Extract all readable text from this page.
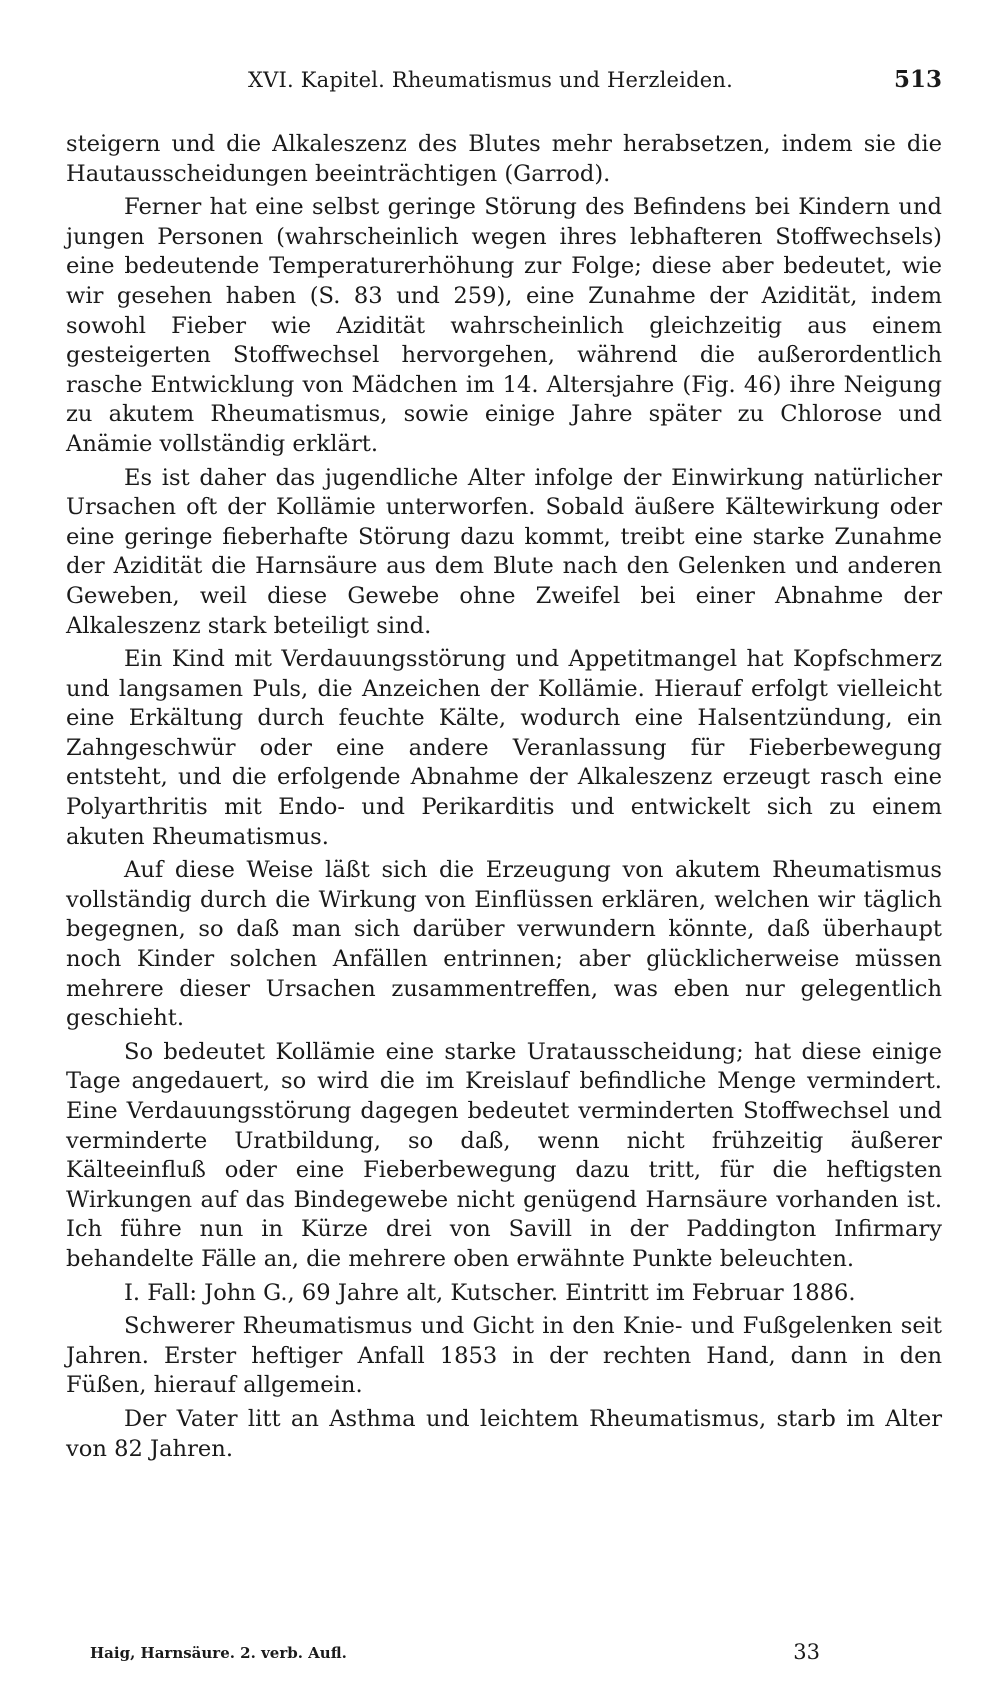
XVI. Kapitel. Rheumatismus und Herzleiden.	513

steigern und die Alkaleszenz des Blutes mehr herabsetzen, indem sie die Hautausscheidungen beeinträchtigen (Garrod).

Ferner hat eine selbst geringe Störung des Befindens bei Kindern und jungen Personen (wahrscheinlich wegen ihres lebhafteren Stoffwechsels) eine bedeutende Temperaturerhöhung zur Folge; diese aber bedeutet, wie wir gesehen haben (S. 83 und 259), eine Zunahme der Azidität, indem sowohl Fieber wie Azidität wahrscheinlich gleichzeitig aus einem gesteigerten Stoffwechsel hervorgehen, während die außerordentlich rasche Entwicklung von Mädchen im 14. Altersjahre (Fig. 46) ihre Neigung zu akutem Rheumatismus, sowie einige Jahre später zu Chlorose und Anämie vollständig erklärt.

Es ist daher das jugendliche Alter infolge der Einwirkung natürlicher Ursachen oft der Kollämie unterworfen. Sobald äußere Kältewirkung oder eine geringe fieberhafte Störung dazu kommt, treibt eine starke Zunahme der Azidität die Harnsäure aus dem Blute nach den Gelenken und anderen Geweben, weil diese Gewebe ohne Zweifel bei einer Abnahme der Alkaleszenz stark beteiligt sind.

Ein Kind mit Verdauungsstörung und Appetitmangel hat Kopfschmerz und langsamen Puls, die Anzeichen der Kollämie. Hierauf erfolgt vielleicht eine Erkältung durch feuchte Kälte, wodurch eine Halsentzündung, ein Zahngeschwür oder eine andere Veranlassung für Fieberbewegung entsteht, und die erfolgende Abnahme der Alkaleszenz erzeugt rasch eine Polyarthritis mit Endo- und Perikarditis und entwickelt sich zu einem akuten Rheumatismus.

Auf diese Weise läßt sich die Erzeugung von akutem Rheumatismus vollständig durch die Wirkung von Einflüssen erklären, welchen wir täglich begegnen, so daß man sich darüber verwundern könnte, daß überhaupt noch Kinder solchen Anfällen entrinnen; aber glücklicherweise müssen mehrere dieser Ursachen zusammentreffen, was eben nur gelegentlich geschieht.

So bedeutet Kollämie eine starke Uratausscheidung; hat diese einige Tage angedauert, so wird die im Kreislauf befindliche Menge vermindert. Eine Verdauungsstörung dagegen bedeutet verminderten Stoffwechsel und verminderte Uratbildung, so daß, wenn nicht frühzeitig äußerer Kälteeinfluß oder eine Fieberbewegung dazu tritt, für die heftigsten Wirkungen auf das Bindegewebe nicht genügend Harnsäure vorhanden ist. Ich führe nun in Kürze drei von Savill in der Paddington Infirmary behandelte Fälle an, die mehrere oben erwähnte Punkte beleuchten.

I. Fall: John G., 69 Jahre alt, Kutscher. Eintritt im Februar 1886.

Schwerer Rheumatismus und Gicht in den Knie- und Fußgelenken seit Jahren. Erster heftiger Anfall 1853 in der rechten Hand, dann in den Füßen, hierauf allgemein.

Der Vater litt an Asthma und leichtem Rheumatismus, starb im Alter von 82 Jahren.

Haig, Harnsäure. 2. verb. Aufl.	33
